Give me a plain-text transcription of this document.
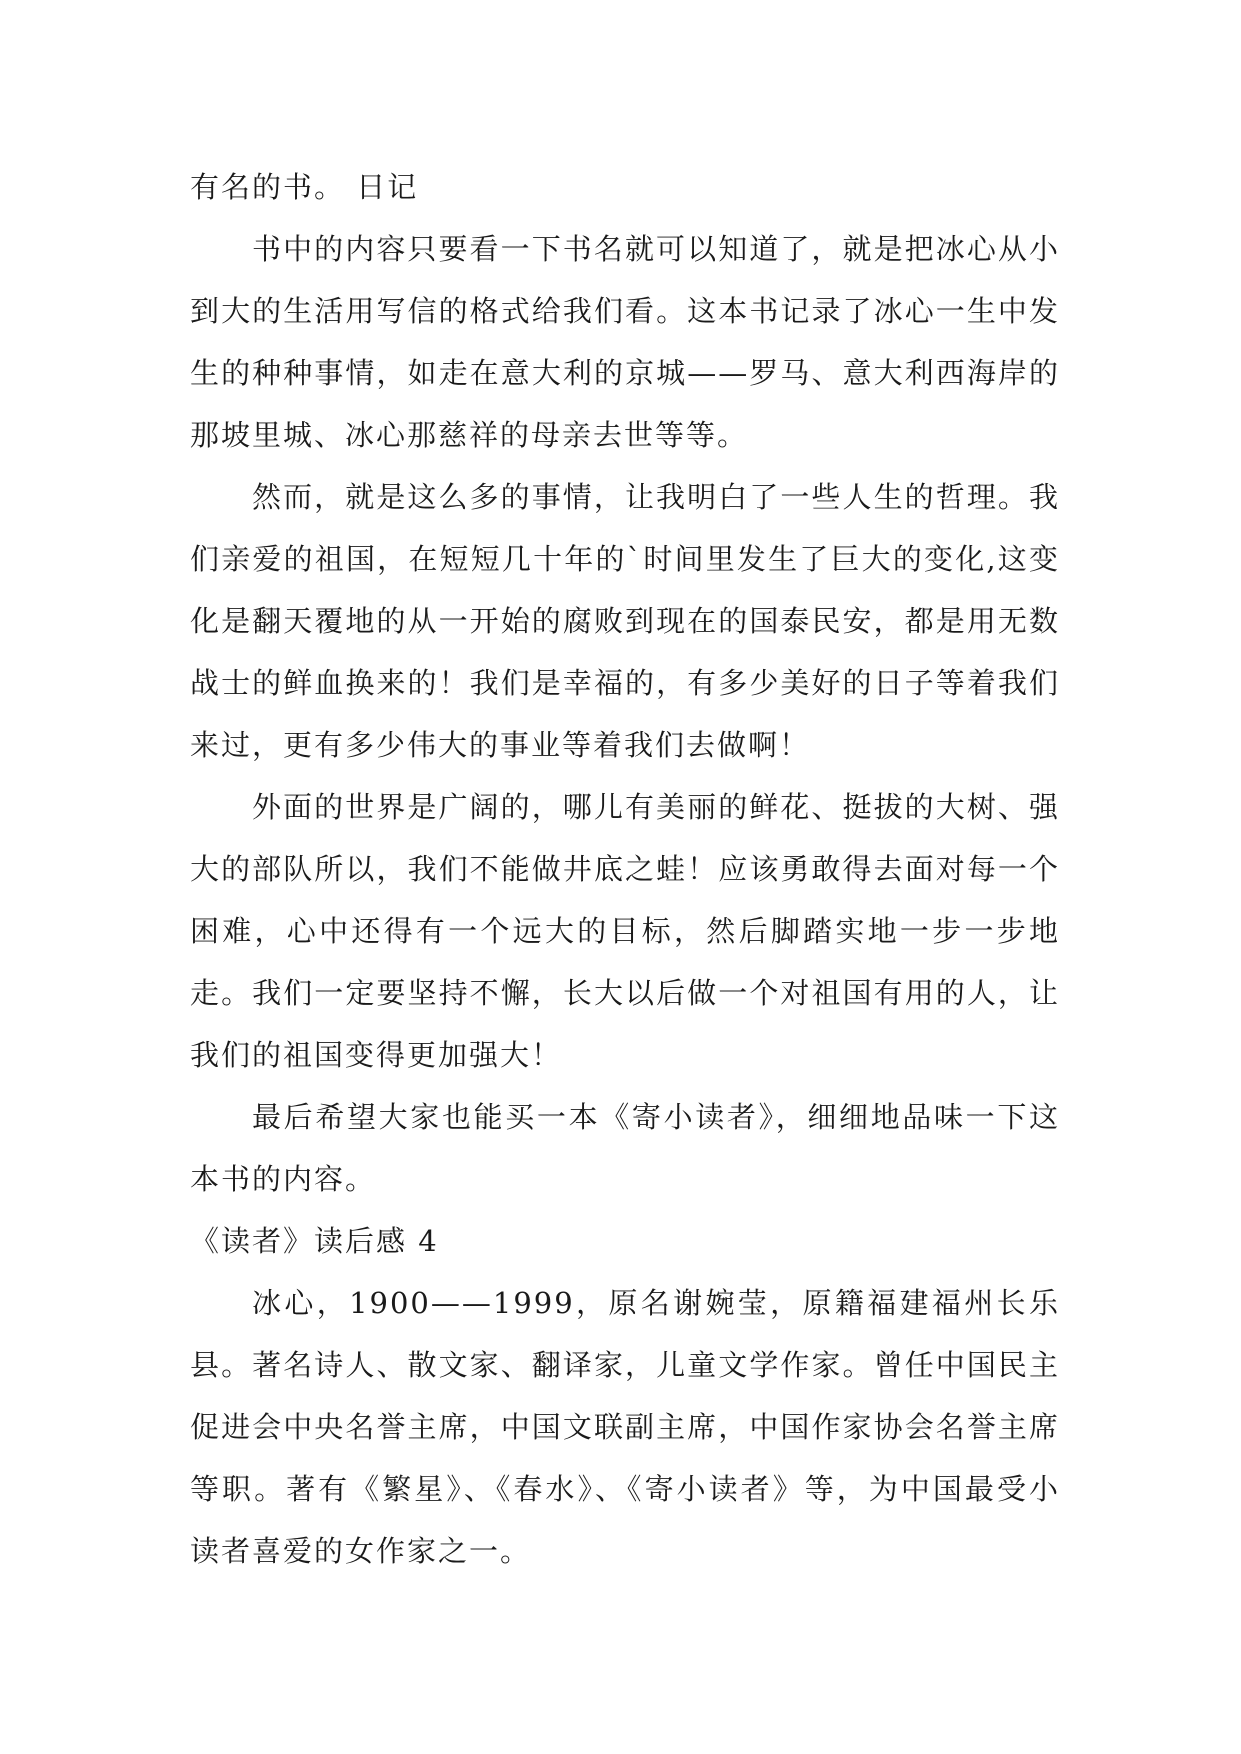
有名的书。 日记

书中的内容只要看一下书名就可以知道了，就是把冰心从小到大的生活用写信的格式给我们看。这本书记录了冰心一生中发生的种种事情，如走在意大利的京城——罗马、意大利西海岸的那坡里城、冰心那慈祥的母亲去世等等。

然而，就是这么多的事情，让我明白了一些人生的哲理。我们亲爱的祖国，在短短几十年的`时间里发生了巨大的变化,这变化是翻天覆地的从一开始的腐败到现在的国泰民安，都是用无数战士的鲜血换来的！我们是幸福的，有多少美好的日子等着我们来过，更有多少伟大的事业等着我们去做啊！

外面的世界是广阔的，哪儿有美丽的鲜花、挺拔的大树、强大的部队所以，我们不能做井底之蛙！应该勇敢得去面对每一个困难，心中还得有一个远大的目标，然后脚踏实地一步一步地走。我们一定要坚持不懈，长大以后做一个对祖国有用的人，让我们的祖国变得更加强大！

最后希望大家也能买一本《寄小读者》，细细地品味一下这本书的内容。

《读者》读后感 4

冰心，1900——1999，原名谢婉莹，原籍福建福州长乐县。著名诗人、散文家、翻译家，儿童文学作家。曾任中国民主促进会中央名誉主席，中国文联副主席，中国作家协会名誉主席等职。著有《繁星》、《春水》、《寄小读者》等，为中国最受小读者喜爱的女作家之一。
